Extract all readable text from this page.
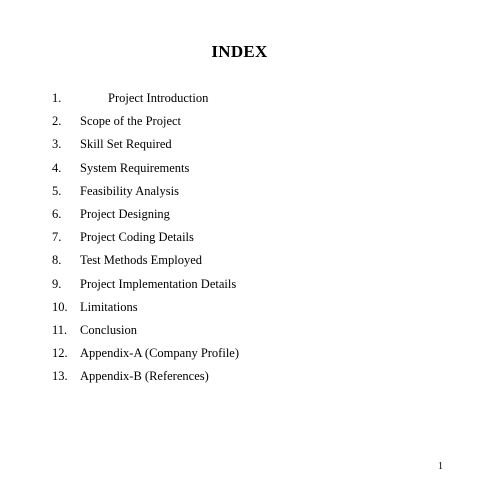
INDEX
1.	Project Introduction
2.	Scope of the Project
3.	Skill Set Required
4.	System Requirements
5.	Feasibility Analysis
6.	Project Designing
7.	Project Coding Details
8.	Test Methods Employed
9.	Project Implementation Details
10. Limitations
11.	Conclusion
12. Appendix-A (Company Profile)
13. Appendix-B (References)
1
